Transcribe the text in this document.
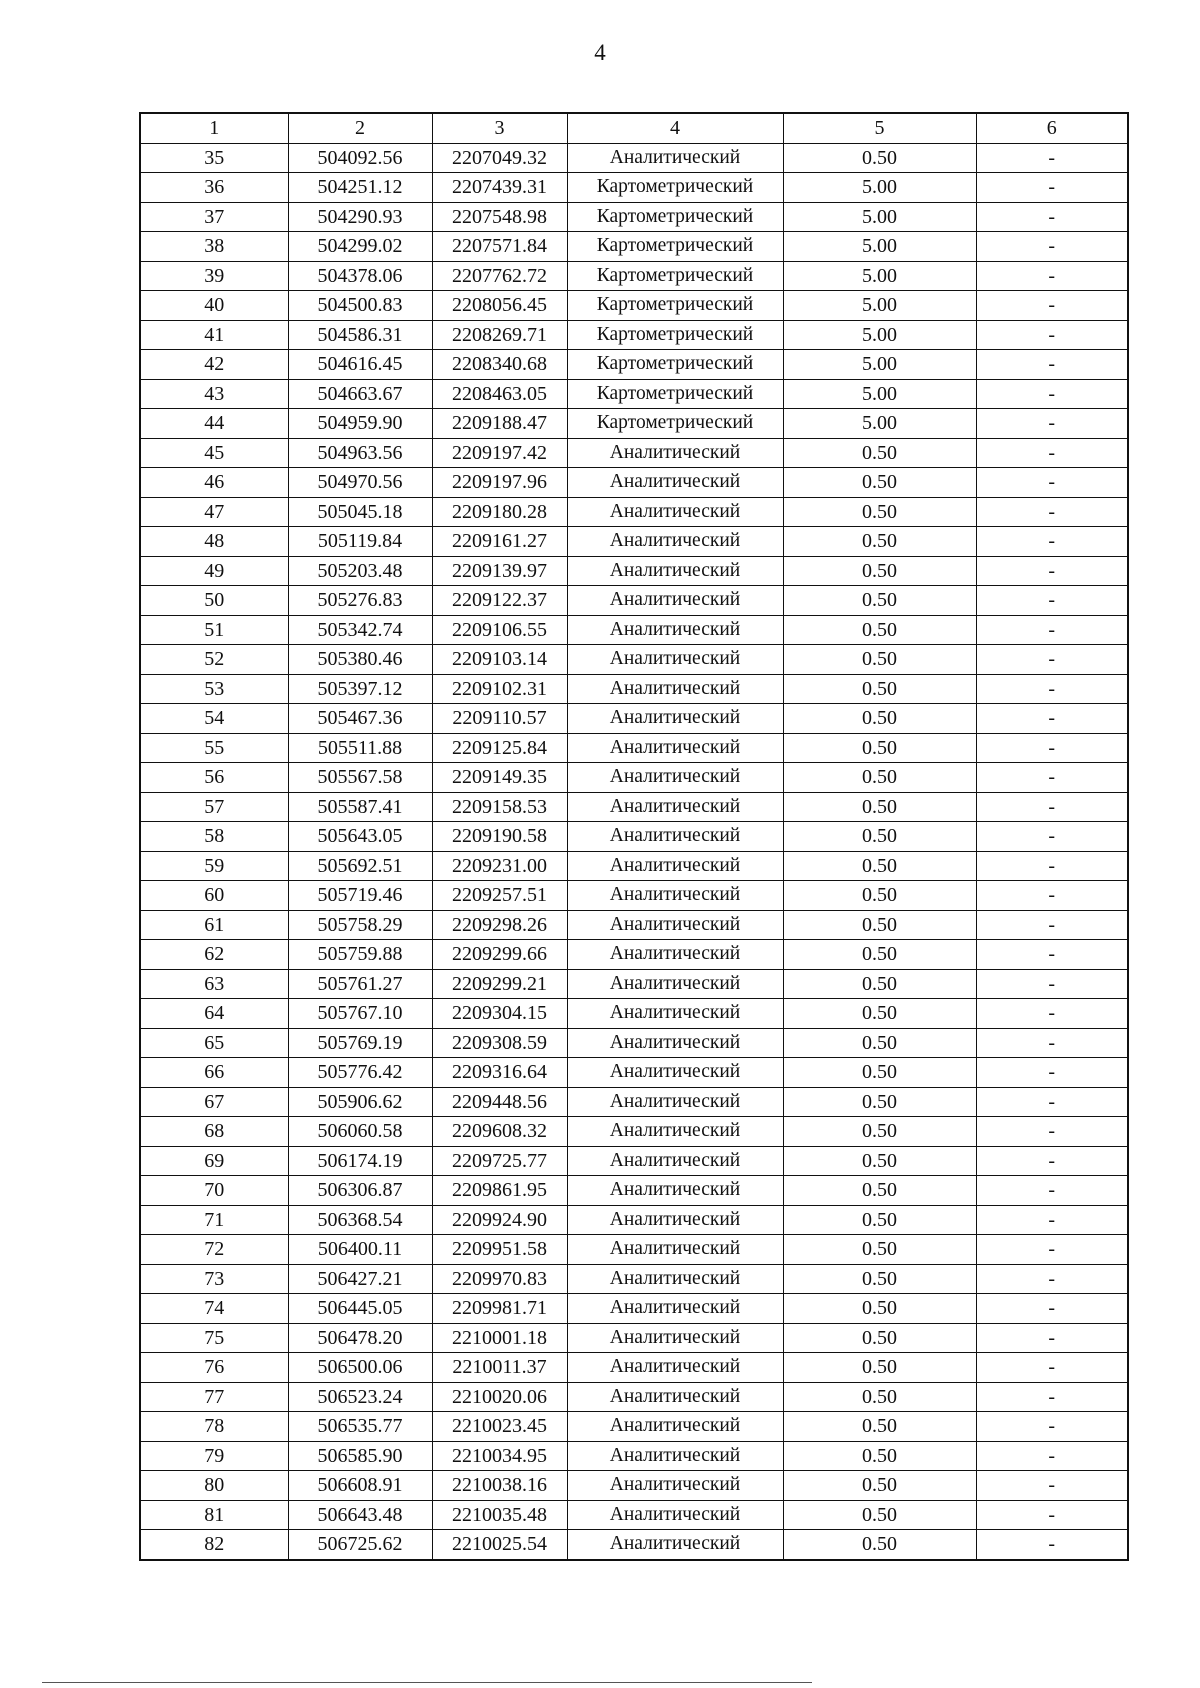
4
1	2	3	4	5	6
35	504092.56	2207049.32	Аналитический	0.50	-
36	504251.12	2207439.31	Картометрический	5.00	-
37	504290.93	2207548.98	Картометрический	5.00	-
38	504299.02	2207571.84	Картометрический	5.00	-
39	504378.06	2207762.72	Картометрический	5.00	-
40	504500.83	2208056.45	Картометрический	5.00	-
41	504586.31	2208269.71	Картометрический	5.00	-
42	504616.45	2208340.68	Картометрический	5.00	-
43	504663.67	2208463.05	Картометрический	5.00	-
44	504959.90	2209188.47	Картометрический	5.00	-
45	504963.56	2209197.42	Аналитический	0.50	-
46	504970.56	2209197.96	Аналитический	0.50	-
47	505045.18	2209180.28	Аналитический	0.50	-
48	505119.84	2209161.27	Аналитический	0.50	-
49	505203.48	2209139.97	Аналитический	0.50	-
50	505276.83	2209122.37	Аналитический	0.50	-
51	505342.74	2209106.55	Аналитический	0.50	-
52	505380.46	2209103.14	Аналитический	0.50	-
53	505397.12	2209102.31	Аналитический	0.50	-
54	505467.36	2209110.57	Аналитический	0.50	-
55	505511.88	2209125.84	Аналитический	0.50	-
56	505567.58	2209149.35	Аналитический	0.50	-
57	505587.41	2209158.53	Аналитический	0.50	-
58	505643.05	2209190.58	Аналитический	0.50	-
59	505692.51	2209231.00	Аналитический	0.50	-
60	505719.46	2209257.51	Аналитический	0.50	-
61	505758.29	2209298.26	Аналитический	0.50	-
62	505759.88	2209299.66	Аналитический	0.50	-
63	505761.27	2209299.21	Аналитический	0.50	-
64	505767.10	2209304.15	Аналитический	0.50	-
65	505769.19	2209308.59	Аналитический	0.50	-
66	505776.42	2209316.64	Аналитический	0.50	-
67	505906.62	2209448.56	Аналитический	0.50	-
68	506060.58	2209608.32	Аналитический	0.50	-
69	506174.19	2209725.77	Аналитический	0.50	-
70	506306.87	2209861.95	Аналитический	0.50	-
71	506368.54	2209924.90	Аналитический	0.50	-
72	506400.11	2209951.58	Аналитический	0.50	-
73	506427.21	2209970.83	Аналитический	0.50	-
74	506445.05	2209981.71	Аналитический	0.50	-
75	506478.20	2210001.18	Аналитический	0.50	-
76	506500.06	2210011.37	Аналитический	0.50	-
77	506523.24	2210020.06	Аналитический	0.50	-
78	506535.77	2210023.45	Аналитический	0.50	-
79	506585.90	2210034.95	Аналитический	0.50	-
80	506608.91	2210038.16	Аналитический	0.50	-
81	506643.48	2210035.48	Аналитический	0.50	-
82	506725.62	2210025.54	Аналитический	0.50	-
